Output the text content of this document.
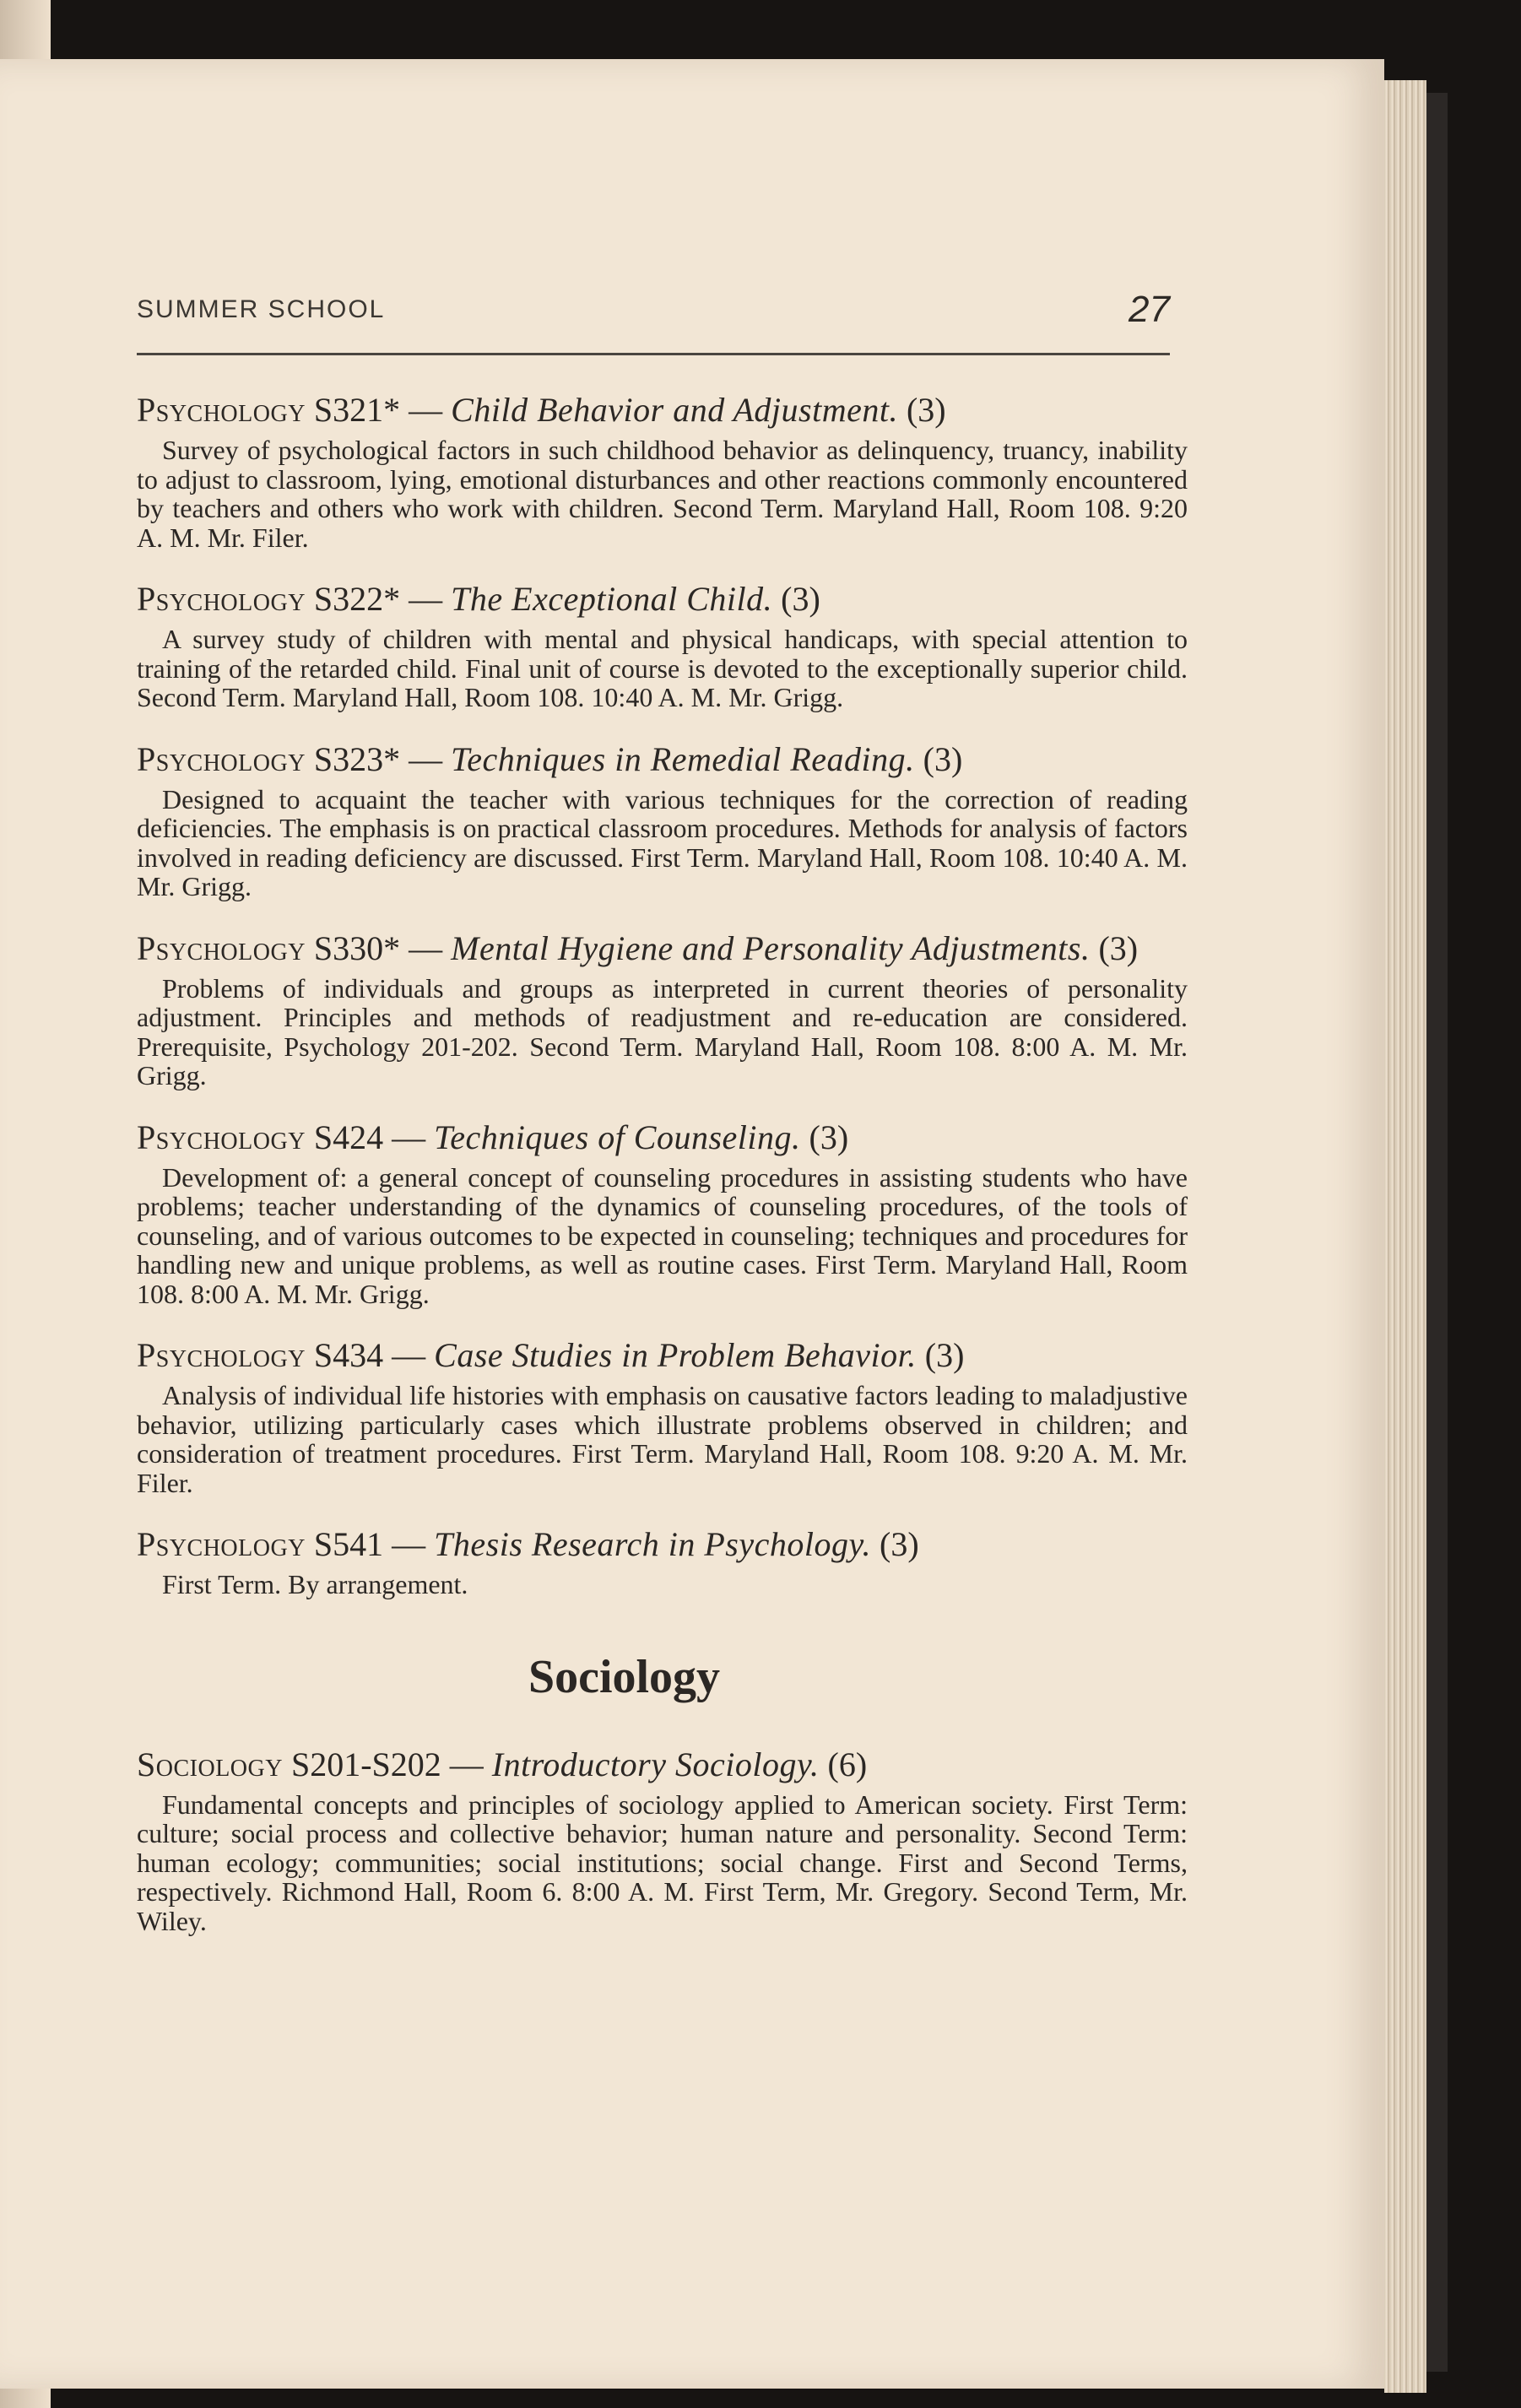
SUMMER SCHOOL	27

Psychology S321* — Child Behavior and Adjustment. (3)

Survey of psychological factors in such childhood behavior as delinquency, truancy, inability to adjust to classroom, lying, emotional disturbances and other reactions commonly encountered by teachers and others who work with children. Second Term. Maryland Hall, Room 108. 9:20 A. M. Mr. Filer.

Psychology S322* — The Exceptional Child. (3)

A survey study of children with mental and physical handicaps, with special attention to training of the retarded child. Final unit of course is devoted to the exceptionally superior child. Second Term. Maryland Hall, Room 108. 10:40 A. M. Mr. Grigg.

Psychology S323* — Techniques in Remedial Reading. (3)

Designed to acquaint the teacher with various techniques for the correction of reading deficiencies. The emphasis is on practical classroom procedures. Methods for analysis of factors involved in reading deficiency are discussed. First Term. Maryland Hall, Room 108. 10:40 A. M. Mr. Grigg.

Psychology S330* — Mental Hygiene and Personality Adjustments. (3)

Problems of individuals and groups as interpreted in current theories of personality adjustment. Principles and methods of readjustment and re-education are considered. Prerequisite, Psychology 201-202. Second Term. Maryland Hall, Room 108. 8:00 A. M. Mr. Grigg.

Psychology S424 — Techniques of Counseling. (3)

Development of: a general concept of counseling procedures in assisting students who have problems; teacher understanding of the dynamics of counseling procedures, of the tools of counseling, and of various outcomes to be expected in counseling; techniques and procedures for handling new and unique problems, as well as routine cases. First Term. Maryland Hall, Room 108. 8:00 A. M. Mr. Grigg.

Psychology S434 — Case Studies in Problem Behavior. (3)

Analysis of individual life histories with emphasis on causative factors leading to maladjustive behavior, utilizing particularly cases which illustrate problems observed in children; and consideration of treatment procedures. First Term. Maryland Hall, Room 108. 9:20 A. M. Mr. Filer.

Psychology S541 — Thesis Research in Psychology. (3)

First Term. By arrangement.

Sociology

Sociology S201-S202 — Introductory Sociology. (6)

Fundamental concepts and principles of sociology applied to American society. First Term: culture; social process and collective behavior; human nature and personality. Second Term: human ecology; communities; social institutions; social change. First and Second Terms, respectively. Richmond Hall, Room 6. 8:00 A. M. First Term, Mr. Gregory. Second Term, Mr. Wiley.
